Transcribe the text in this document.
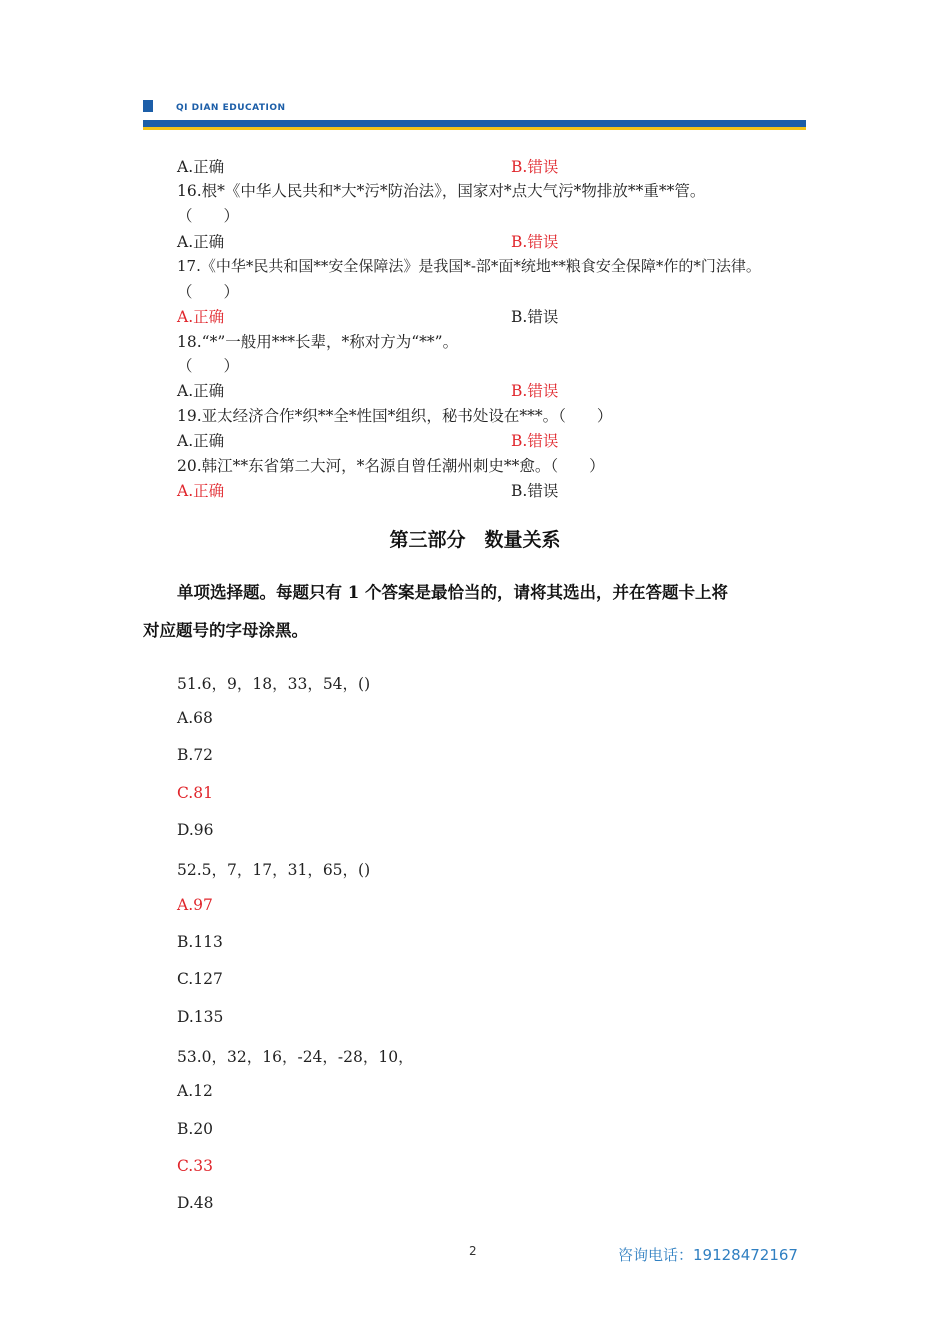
QI DIAN EDUCATION
A.正确	B.错误
16.根*《中华人民共和*大*污*防治法》，国家对*点大气污*物排放**重**管。
（　　）
A.正确	B.错误
17.《中华*民共和国**安全保障法》是我国*-部*面*统地**粮食安全保障*作的*门法律。
（　　）
A.正确	B.错误
18.“*”一般用***长辈，*称对方为“**”。
（　　）
A.正确	B.错误
19.亚太经济合作*织**全*性国*组织，秘书处设在***。（　　）
A.正确	B.错误
20.韩江**东省第二大河，*名源自曾任潮州刺史**愈。（　　）
A.正确	B.错误
第三部分　数量关系
单项选择题。每题只有 1 个答案是最恰当的，请将其选出，并在答题卡上将
对应题号的字母涂黑。
51.6，9，18，33，54，()
A.68
B.72
C.81
D.96
52.5，7，17，31，65，()
A.97
B.113
C.127
D.135
53.0，32，16，-24，-28，10，
A.12
B.20
C.33
D.48
2	咨询电话：19128472167
